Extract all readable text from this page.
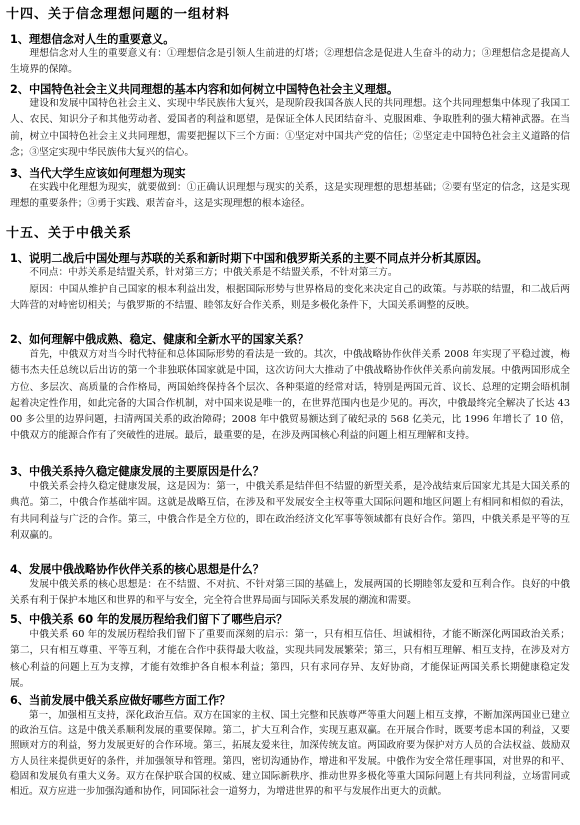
十四、关于信念理想问题的一组材料
1、理想信念对人生的重要意义。

理想信念对人生的重要意义有：①理想信念是引领人生前进的灯塔；②理想信念是促进人生奋斗的动力；③理想信念是提高人生境界的保障。

2、中国特色社会主义共同理想的基本内容和如何树立中国特色社会主义理想。

建设和发展中国特色社会主义、实现中华民族伟大复兴，是现阶段我国各族人民的共同理想。这个共同理想集中体现了我国工人、农民、知识分子和其他劳动者、爱国者的利益和愿望，是保证全体人民团结奋斗、克服困难、争取胜利的强大精神武器。在当前，树立中国特色社会主义共同理想，需要把握以下三个方面：①坚定对中国共产党的信任；②坚定走中国特色社会主义道路的信念；③坚定实现中华民族伟大复兴的信心。

3、当代大学生应该如何理想为现实

在实践中化理想为现实，就要做到：①正确认识理想与现实的关系，这是实现理想的思想基础；②要有坚定的信念，这是实现理想的重要条件；③勇于实践、艰苦奋斗，这是实现理想的根本途径。

十五、关于中俄关系
1、说明二战后中国处理与苏联的关系和新时期下中国和俄罗斯关系的主要不同点并分析其原因。

不同点：中苏关系是结盟关系，针对第三方；中俄关系是不结盟关系，不针对第三方。

原因：中国从维护自己国家的根本利益出发，根据国际形势与世界格局的变化来决定自己的政策。与苏联的结盟，和二战后两大阵营的对峙密切相关；与俄罗斯的不结盟、睦邻友好合作关系，则是多极化条件下，大国关系调整的反映。

2、如何理解中俄成熟、稳定、健康和全新水平的国家关系？

首先，中俄双方对当今时代特征和总体国际形势的看法是一致的。其次，中俄战略协作伙伴关系 2008 年实现了平稳过渡，梅德韦杰夫任总统以后出访的第一个非独联体国家就是中国，这次访问大大推动了中俄战略协作伙伴关系向前发展。中俄两国形成全方位、多层次、高质量的合作格局，两国始终保持各个层次、各种渠道的经常对话，特别是两国元首、议长、总理的定期会晤机制起着决定性作用，如此完备的大国合作机制，对中国来说是唯一的，在世界范围内也是少见的。再次，中俄最终完全解决了长达 4300 多公里的边界问题，扫清两国关系的政治障碍；2008 年中俄贸易额达到了破纪录的 568 亿美元，比 1996 年增长了 10 倍，中俄双方的能源合作有了突破性的进展。最后，最重要的是，在涉及两国核心利益的问题上相互理解和支持。

3、中俄关系持久稳定健康发展的主要原因是什么？

中俄关系会持久稳定健康发展，这是因为：第一，中俄关系是结伴但不结盟的新型关系，是冷战结束后国家尤其是大国关系的典范。第二，中俄合作基础牢固。这就是战略互信，在涉及和平发展安全主权等重大国际问题和地区问题上有相同和相似的看法，有共同利益与广泛的合作。第三，中俄合作是全方位的，即在政治经济文化军事等领域都有良好合作。第四，中俄关系是平等的互利双赢的。

4、发展中俄战略协作伙伴关系的核心思想是什么？

发展中俄关系的核心思想是：在不结盟、不对抗、不针对第三国的基础上，发展两国的长期睦邻友爱和互利合作。良好的中俄关系有利于保护本地区和世界的和平与安全，完全符合世界局面与国际关系发展的潮流和需要。

5、中俄关系 60 年的发展历程给我们留下了哪些启示？

中俄关系 60 年的发展历程给我们留下了重要而深刻的启示：第一，只有相互信任、坦诚相待，才能不断深化两国政治关系；第二，只有相互尊重、平等互利，才能在合作中获得最大收益，实现共同发展繁荣；第三，只有相互理解、相互支持，在涉及对方核心利益的问题上互为支撑，才能有效维护各自根本利益；第四，只有求同存异、友好协商，才能保证两国关系长期健康稳定发展。

6、当前发展中俄关系应做好哪些方面工作？

第一，加强相互支持，深化政治互信。双方在国家的主权、国土完整和民族尊严等重大问题上相互支撑，不断加深两国业已建立的政治互信。这是中俄关系顺利发展的重要保障。第二，扩大互利合作，实现互惠双赢。在开展合作时，既要考虑本国的利益，又要照顾对方的利益，努力发展更好的合作环境。第三，拓展友爱来往，加深传统友谊。两国政府要为保护对方人员的合法权益、鼓励双方人员往来提供更好的条件，并加强领导和管理。第四，密切沟通协作，增进和平发展。中俄作为安全常任理事国，对世界的和平、稳固和发展负有重大义务。双方在保护联合国的权威、建立国际新秩序、推动世界多极化等重大国际问题上有共同利益，立场雷同或相近。双方应进一步加强沟通和协作，同国际社会一道努力，为增进世界的和平与发展作出更大的贡献。
